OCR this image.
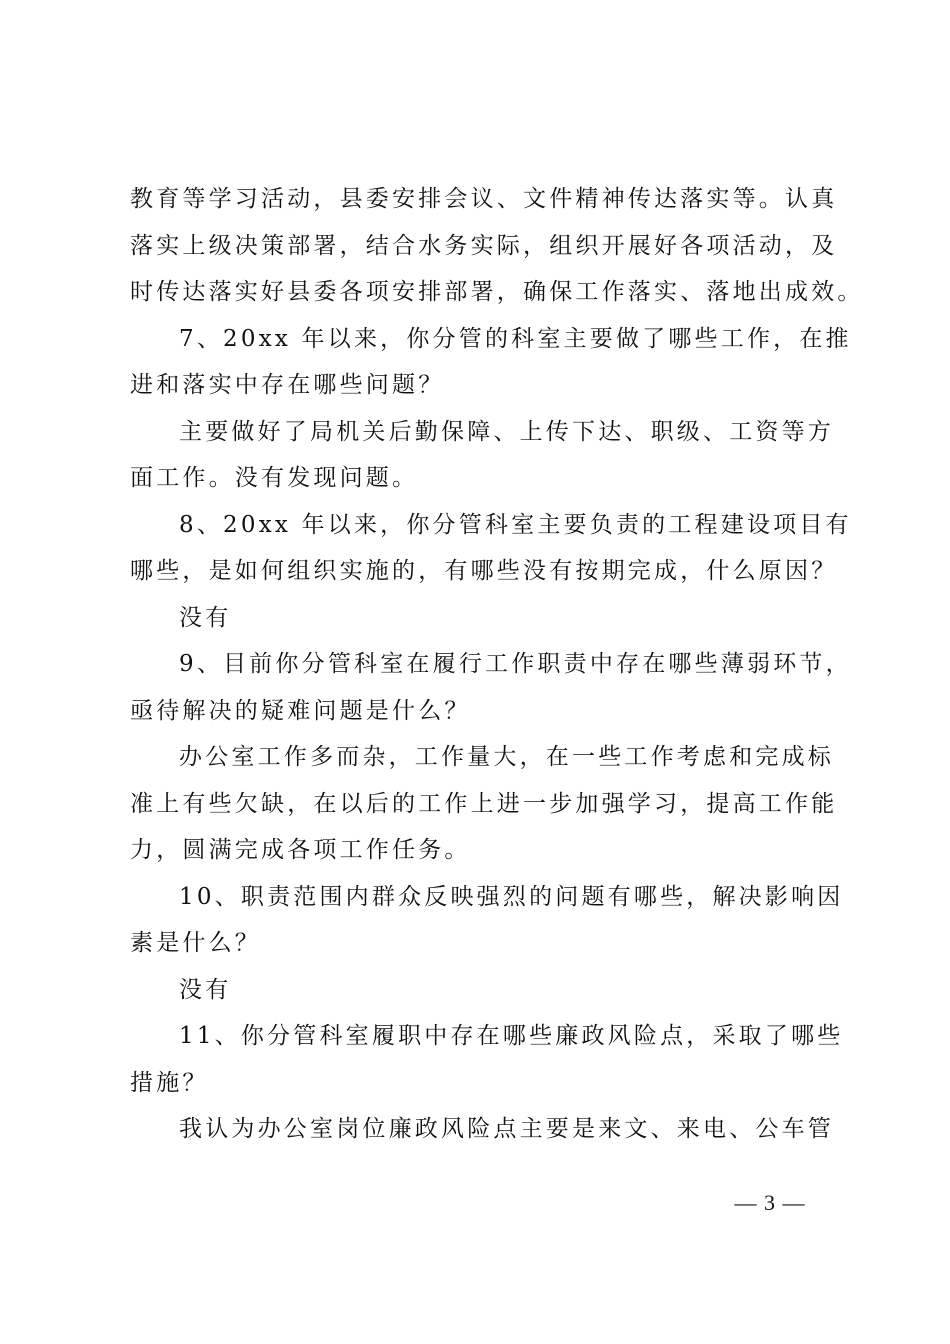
教育等学习活动，县委安排会议、文件精神传达落实等。认真
落实上级决策部署，结合水务实际，组织开展好各项活动，及
时传达落实好县委各项安排部署，确保工作落实、落地出成效。
7、20xx 年以来，你分管的科室主要做了哪些工作，在推
进和落实中存在哪些问题？
主要做好了局机关后勤保障、上传下达、职级、工资等方
面工作。没有发现问题。
8、20xx 年以来，你分管科室主要负责的工程建设项目有
哪些，是如何组织实施的，有哪些没有按期完成，什么原因？
没有
9、目前你分管科室在履行工作职责中存在哪些薄弱环节，
亟待解决的疑难问题是什么？
办公室工作多而杂，工作量大，在一些工作考虑和完成标
准上有些欠缺，在以后的工作上进一步加强学习，提高工作能
力，圆满完成各项工作任务。
10、职责范围内群众反映强烈的问题有哪些，解决影响因
素是什么？
没有
11、你分管科室履职中存在哪些廉政风险点，采取了哪些
措施？
我认为办公室岗位廉政风险点主要是来文、来电、公车管
— 3 —
